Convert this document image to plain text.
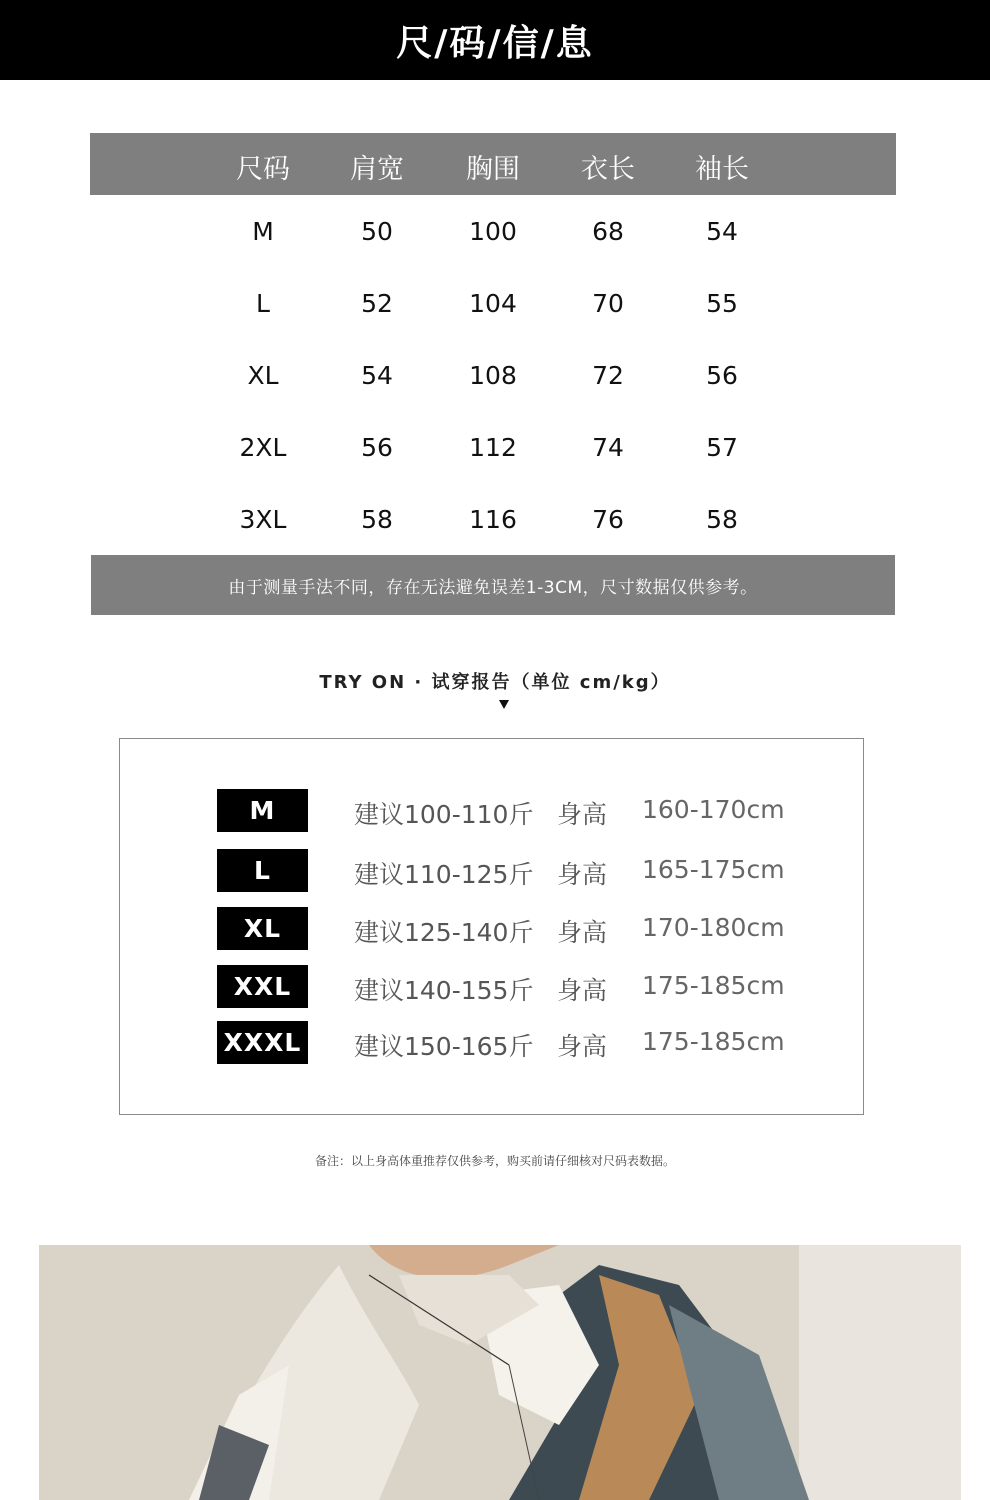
尺/码/信/息
尺码	肩宽	胸围	衣长	袖长
M	50	100	68	54
L	52	104	70	55
XL	54	108	72	56
2XL	56	112	74	57
3XL	58	116	76	58
由于测量手法不同，存在无法避免误差1-3CM，尺寸数据仅供参考。
TRY ON · 试穿报告（单位 cm/kg）
M	建议100-110斤 身高 160-170cm
L	建议110-125斤 身高 165-175cm
XL	建议125-140斤 身高 170-180cm
XXL	建议140-155斤 身高 175-185cm
XXXL 建议150-165斤 身高 175-185cm
备注：以上身高体重推荐仅供参考，购买前请仔细核对尺码表数据。
